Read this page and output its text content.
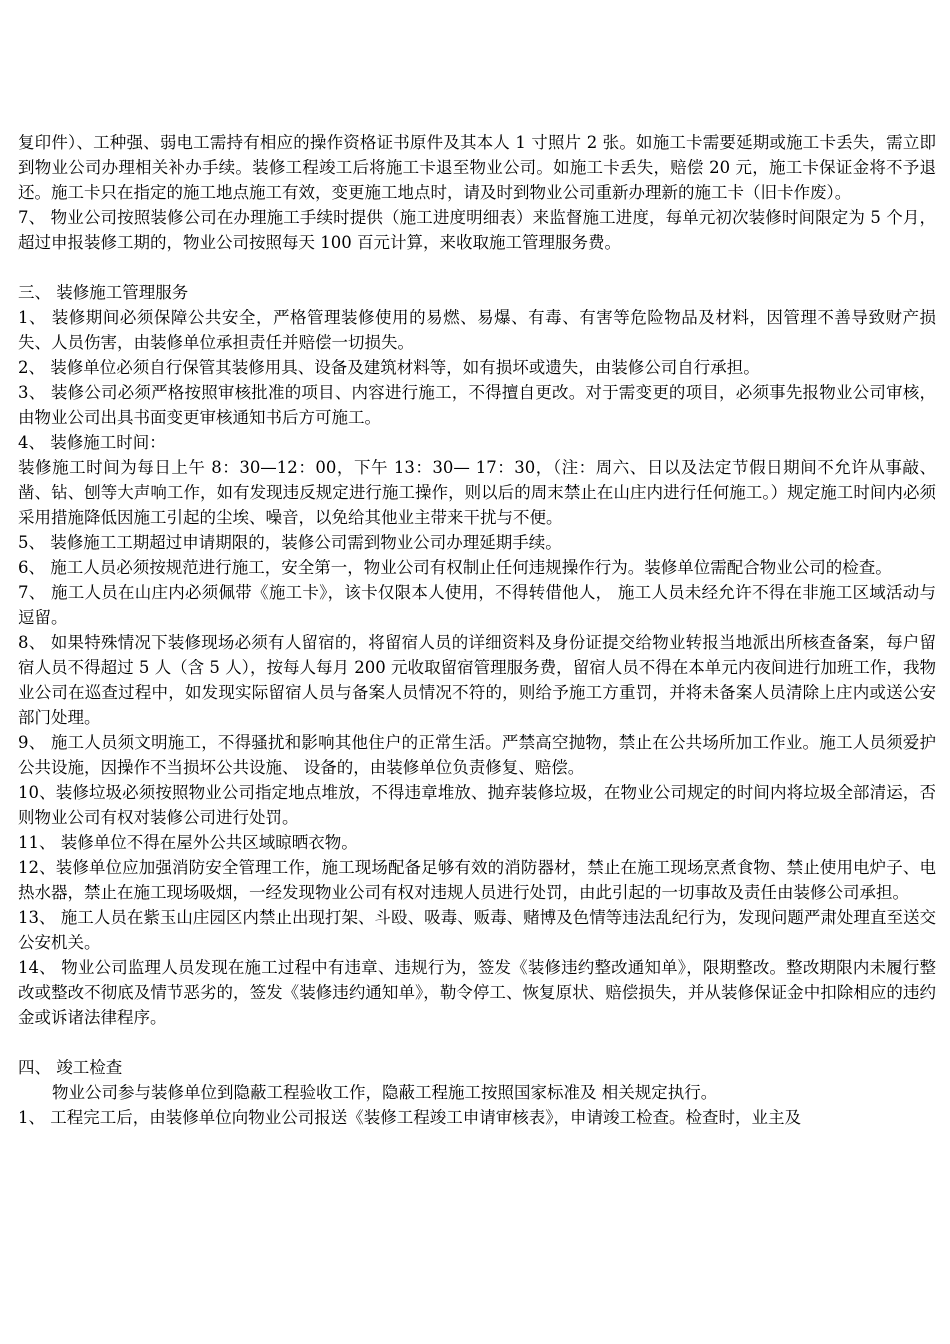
复印件）、工种强、弱电工需持有相应的操作资格证书原件及其本人 1 寸照片 2 张。如施工卡需要延期或施工卡丢失，需立即到物业公司办理相关补办手续。装修工程竣工后将施工卡退至物业公司。如施工卡丢失，赔偿 20 元，施工卡保证金将不予退还。施工卡只在指定的施工地点施工有效，变更施工地点时，请及时到物业公司重新办理新的施工卡（旧卡作废）。

7、 物业公司按照装修公司在办理施工手续时提供（施工进度明细表）来监督施工进度，每单元初次装修时间限定为 5 个月，超过申报装修工期的，物业公司按照每天 100 百元计算，来收取施工管理服务费。

三、 装修施工管理服务

1、 装修期间必须保障公共安全，严格管理装修使用的易燃、易爆、有毒、有害等危险物品及材料，因管理不善导致财产损失、人员伤害，由装修单位承担责任并赔偿一切损失。

2、 装修单位必须自行保管其装修用具、设备及建筑材料等，如有损坏或遗失，由装修公司自行承担。

3、 装修公司必须严格按照审核批准的项目、内容进行施工，不得擅自更改。对于需变更的项目，必须事先报物业公司审核，由物业公司出具书面变更审核通知书后方可施工。

4、 装修施工时间：

装修施工时间为每日上午 8：30—12：00，下午 13：30— 17：30，（注：周六、日以及法定节假日期间不允许从事敲、凿、钻、刨等大声响工作，如有发现违反规定进行施工操作，则以后的周末禁止在山庄内进行任何施工。）规定施工时间内必须采用措施降低因施工引起的尘埃、噪音，以免给其他业主带来干扰与不便。

5、 装修施工工期超过申请期限的，装修公司需到物业公司办理延期手续。

6、 施工人员必须按规范进行施工，安全第一，物业公司有权制止任何违规操作行为。装修单位需配合物业公司的检查。

7、 施工人员在山庄内必须佩带《施工卡》，该卡仅限本人使用，不得转借他人， 施工人员未经允许不得在非施工区域活动与逗留。

8、 如果特殊情况下装修现场必须有人留宿的，将留宿人员的详细资料及身份证提交给物业转报当地派出所核查备案，每户留宿人员不得超过 5 人（含 5 人），按每人每月 200 元收取留宿管理服务费，留宿人员不得在本单元内夜间进行加班工作，我物业公司在巡查过程中，如发现实际留宿人员与备案人员情况不符的，则给予施工方重罚，并将未备案人员清除上庄内或送公安部门处理。

9、 施工人员须文明施工，不得骚扰和影响其他住户的正常生活。严禁高空抛物，禁止在公共场所加工作业。施工人员须爱护公共设施，因操作不当损坏公共设施、 设备的，由装修单位负责修复、赔偿。

10、装修垃圾必须按照物业公司指定地点堆放，不得违章堆放、抛弃装修垃圾，在物业公司规定的时间内将垃圾全部清运，否则物业公司有权对装修公司进行处罚。

11、 装修单位不得在屋外公共区域晾晒衣物。

12、装修单位应加强消防安全管理工作，施工现场配备足够有效的消防器材，禁止在施工现场烹煮食物、禁止使用电炉子、电热水器，禁止在施工现场吸烟，一经发现物业公司有权对违规人员进行处罚，由此引起的一切事故及责任由装修公司承担。

13、 施工人员在紫玉山庄园区内禁止出现打架、斗殴、吸毒、贩毒、赌博及色情等违法乱纪行为，发现问题严肃处理直至送交公安机关。

14、 物业公司监理人员发现在施工过程中有违章、违规行为，签发《装修违约整改通知单》，限期整改。整改期限内未履行整改或整改不彻底及情节恶劣的，签发《装修违约通知单》，勒令停工、恢复原状、赔偿损失，并从装修保证金中扣除相应的违约金或诉诸法律程序。

四、 竣工检查

物业公司参与装修单位到隐蔽工程验收工作，隐蔽工程施工按照国家标准及 相关规定执行。

1、 工程完工后，由装修单位向物业公司报送《装修工程竣工申请审核表》，申请竣工检查。检查时，业主及
